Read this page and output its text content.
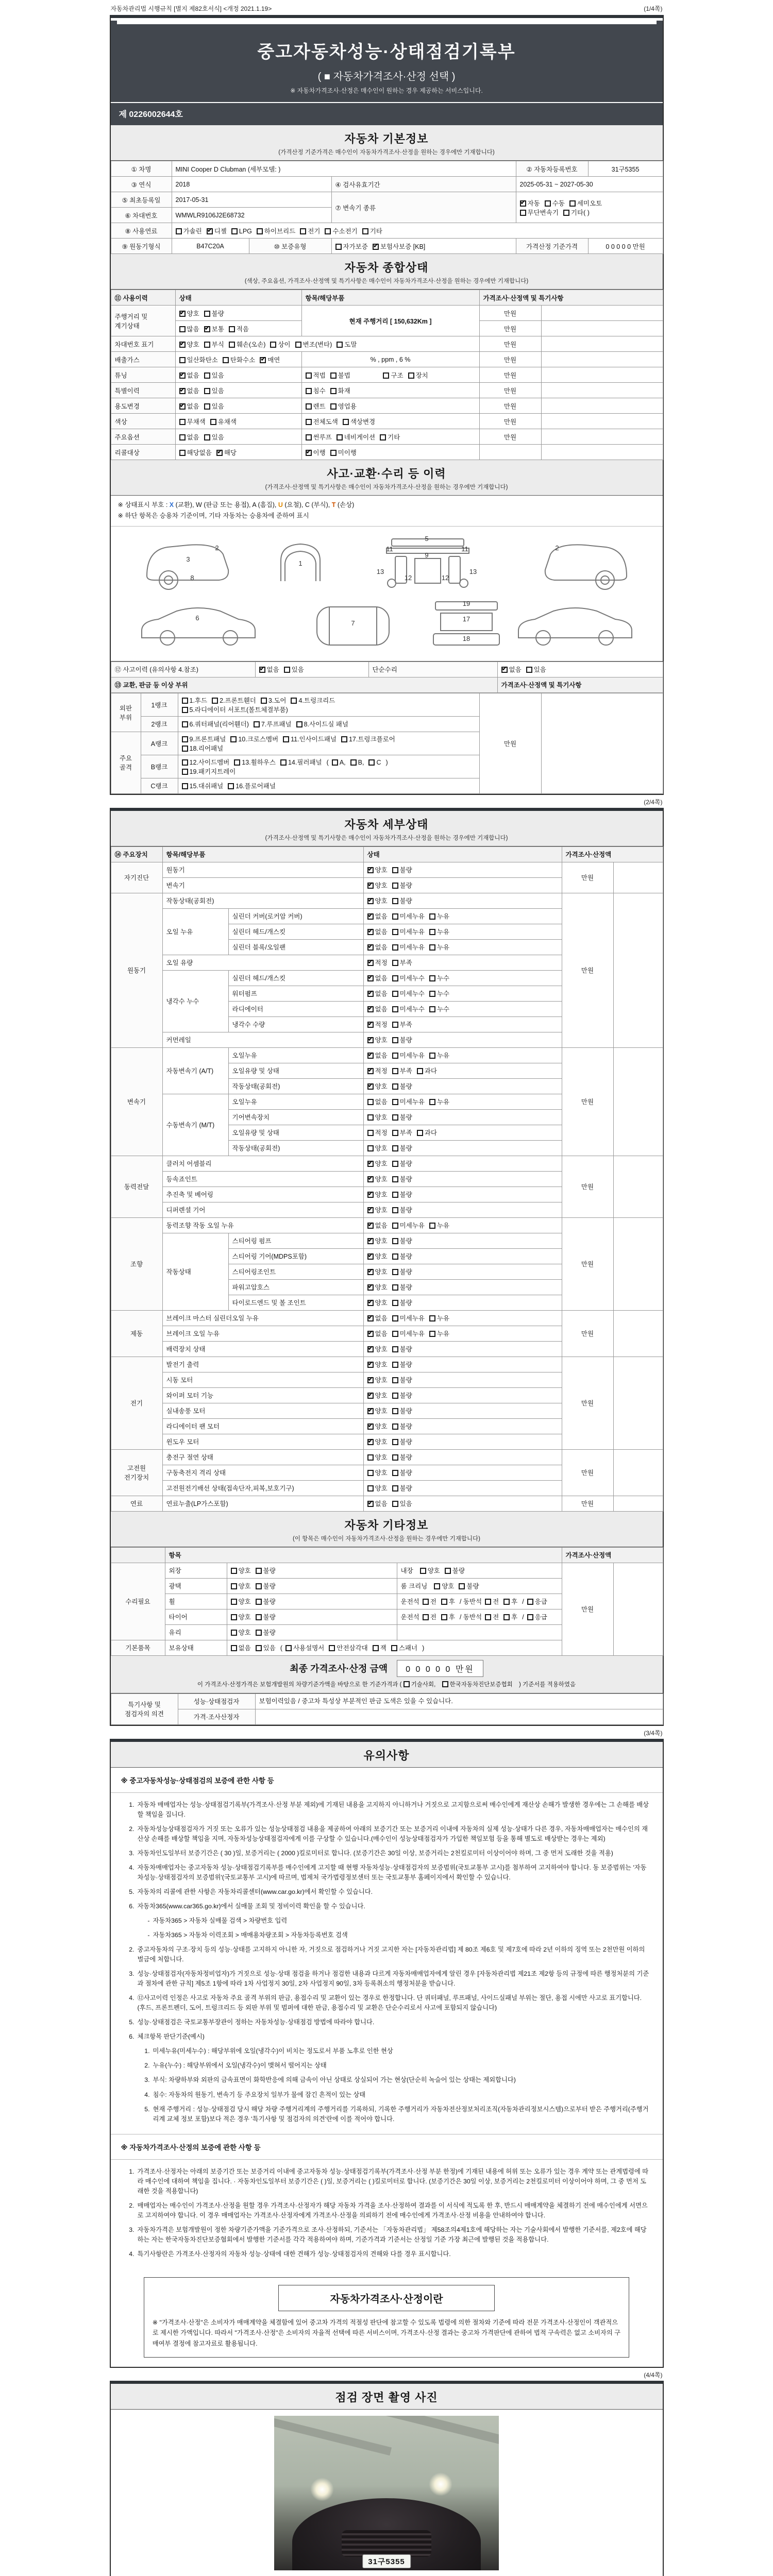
자동차관리법 시행규칙 [별지 제82호서식] <개정 2021.1.19>	(1/4쪽)
중고자동차성능·상태점검기록부
( ■ 자동차가격조사·산정 선택 )
※ 자동차가격조사·산정은 매수인이 원하는 경우 제공하는 서비스입니다.
제 0226002644호
자동차 기본정보
(가격산정 기준가격은 매수인이 자동차가격조사·산정을 원하는 경우에만 기재합니다)
① 차명	MINI Cooper D Clubman (세부모델: )			② 자동차등록번호	31구5355
③ 연식	2018		④ 검사유효기간	2025-05-31 ~ 2027-05-30	
⑤ 최초등록일	2017-05-31		⑦ 변속기 종류	✔자동 수동 세미오토
무단변속기 기타( )
⑥ 차대번호	WMWLR9106J2E68732				
⑧ 사용연료	가솔린 ✔ 디젤 LPG 하이브리드 전기 수소전기 기타
⑨ 원동기형식	B47C20A	⑩ 보증유형	자가보증 ✔ 보험사보증 [KB]	가격산정 기준가격	0 0 0 0 0 만원
자동차 종합상태
(색상, 주요옵션, 가격조사·산정액 및 특기사항은 매수인이 자동차가격조사·산정을 원하는 경우에만 기재합니다)
⑪ 사용이력	상태	항목/해당부품	가격조사·산정액 및 특기사항	
주행거리 및 계기상태	✔양호 불량	현재 주행거리 [ 150,632Km ]	만원	
	많음 ✔ 보통 적음		만원	
차대번호 표기	✔양호 부식 훼손(오손) 상이 변조(변타) 도말		만원	
배출가스	일산화탄소 탄화수소 ✔ 매연	% , ppm , 6 %	만원	
튜닝	✔없음 있음	적법 불법 구조 장치	만원	
특별이력	✔없음 있음	침수 화재	만원	
용도변경	✔없음 있음	렌트 영업용	만원	
색상	무채색 유채색	전체도색 색상변경	만원	
주요옵션	없음 있음	썬루프 네비게이션 기타	만원	
리콜대상	해당없음 ✔ 해당	✔이행 미이행		
사고·교환·수리 등 이력
(가격조사·산정액 및 특기사항은 매수인이 자동차가격조사·산정을 원하는 경우에만 기재합니다)
※ 상태표시 부호 : X (교환), W (판금 또는 용접), A (흠집), U (요철), C (부식), T (손상)
※ 하단 항목은 승용차 기준이며, 기타 자동차는 승용차에 준하여 표시
2
3
8
1
5
9
11	11
13	13
12	12
2
6
7
19
17
18
⑫ 사고이력 (유의사항 4.참조)	✔없음 있음	단순수리	✔없음 있음
⑬ 교환, 판금 등 이상 부위			가격조사·산정액 및 특기사항
외판 부위	1랭크	1.후드 2.프론트휀더 3.도어 4.트렁크리드
5.라디에이터 서포트(볼트체결부품)	만원	
	2랭크	6.쿼터패널(리어휀더) 7.루프패널 8.사이드실 패널		
주요 골격	A랭크	9.프론트패널 10.크로스멤버 11.인사이드패널 17.트렁크플로어
18.리어패널		
	B랭크	12.사이드멤버 13.휠하우스 14.필러패널 ( A, B, C )
19.패키지트레이		
	C랭크	15.대쉬패널 16.플로어패널		
(2/4쪽)
자동차 세부상태
(가격조사·산정액 및 특기사항은 매수인이 자동차가격조사·산정을 원하는 경우에만 기재합니다)
⑭ 주요장치	항목/해당부품		상태	가격조사·산정액	
자기진단	원동기	✔양호 불량	만원	
	변속기	✔양호 불량
원동기	작동상태(공회전)	✔양호 불량	만원	
	오일 누유	실린더 커버(로커암 커버)	✔없음 미세누유 누유
		실린더 헤드/개스킷	✔없음 미세누유 누유
		실린더 블록/오일팬	✔없음 미세누유 누유
	오일 유량	✔적정 부족
	냉각수 누수	실린더 헤드/개스킷	✔없음 미세누수 누수
		워터펌프	✔없음 미세누수 누수
		라디에이터	✔없음 미세누수 누수
		냉각수 수량	✔적정 부족
	커먼레일	✔양호 불량
변속기	자동변속기 (A/T)	오일누유	✔없음 미세누유 누유	만원	
		오일유량 및 상태	✔적정 부족 과다
		작동상태(공회전)	✔양호 불량
	수동변속기 (M/T)	오일누유	없음 미세누유 누유		
		기어변속장치	양호 불량		
		오일유량 및 상태	적정 부족 과다		
		작동상태(공회전)	양호 불량		
동력전달	클러치 어셈블리	✔양호 불량	만원	
	등속죠인트	✔양호 불량
	추진축 및 베어링	✔양호 불량
	디퍼렌셜 기어	✔양호 불량
조향	동력조향 작동 오일 누유	✔없음 미세누유 누유	만원	
	작동상태	스티어링 펌프	✔양호 불량
		스티어링 기어(MDPS포함)	✔양호 불량
		스티어링조인트	✔양호 불량
		파워고압호스	✔양호 불량
		타이로드엔드 및 볼 조인트	✔양호 불량
제동	브레이크 마스터 실린더오일 누유	✔없음 미세누유 누유	만원	
	브레이크 오일 누유	✔없음 미세누유 누유
	배력장치 상태	✔양호 불량
전기	발전기 출력	✔양호 불량	만원	
	시동 모터	✔양호 불량
	와이퍼 모터 기능	✔양호 불량
	실내송풍 모터	✔양호 불량
	라디에이터 팬 모터	✔양호 불량
	윈도우 모터	✔양호 불량
고전원 전기장치	충전구 절연 상태		양호 불량	만원	
	구동축전지 격리 상태		양호 불량		
	고전원전기배선 상태(접속단자,피복,보호기구)		양호 불량		
연료	연료누출(LP가스포함)	✔없음 있음	만원	
자동차 기타정보
(이 항목은 매수인이 자동차가격조사·산정을 원하는 경우에만 기재합니다)
	항목			가격조사·산정액	
수리필요	외장	양호 불량	내장  양호 불량	만원	
	광택	양호 불량	룸 크리닝  양호 불량		
	휠	양호 불량	운전석 전 후 / 동반석 전 후 / 응급		
	타이어	양호 불량	운전석 전 후 / 동반석 전 후 / 응급		
	유리	양호 불량			
기본품목	보유상태	없음 있음 ( 사용설명서 안전삼각대 잭 스패너 )			
최종 가격조사·산정 금액 0 0 0 0 0 만원
이 가격조사·산정가격은 보험개발원의 차량기준가액을 바탕으로 한 기준가격과 ( 기술사회, 한국자동차진단보증협회 ) 기준서를 적용하였음
특기사항 및 점검자의 의견	성능·상태점검자	보험이력있음 / 중고차 특성상 부분적인 판금 도색은 있을 수 있습니다.
	가격·조사산정자	
(3/4쪽)
유의사항
※ 중고자동차성능·상태점검의 보증에 관한 사항 등
1. 자동차 매매업자는 성능·상태점검기록부(가격조사·산정 부분 제외)에 기재된 내용을 고지하지 아니하거나 거짓으로 고지함으로써 매수인에게 재산상 손해가 발생한 경우에는 그 손해를 배상할 책임을 집니다.
2. 자동차성능상태점검자가 거짓 또는 오류가 있는 성능상태점검 내용을 제공하여 아래의 보증기간 또는 보증거리 이내에 자동차의 실제 성능·상태가 다른 경우, 자동차매매업자는 매수인의 재산상 손해를 배상할 책임을 지며, 자동차성능상태점검자에게 이를 구상할 수 있습니다.(매수인이 성능상태점검자가 가입한 책임보험 등을 통해 별도로 배상받는 경우는 제외)
3. 자동차인도일부터 보증기간은 ( 30 )일, 보증거리는 ( 2000 )킬로미터로 합니다. (보증기간은 30일 이상, 보증거리는 2천킬로미터 이상이어야 하며, 그 중 먼저 도래한 것을 적용)
4. 자동차매매업자는 중고자동차 성능·상태점검기록부를 매수인에게 고지할 때 현행 자동차성능·상태점검자의 보증범위(국토교통부 고시)를 첨부하여 고지하여야 합니다. 동 보증범위는 '자동차성능·상태점검자의 보증범위'(국토교통부 고시)에 따르며, 법제처 국가법령정보센터 또는 국토교통부 홈페이지에서 확인할 수 있습니다.
5. 자동차의 리콜에 관한 사항은 자동차리콜센터(www.car.go.kr)에서 확인할 수 있습니다.
6. 자동차365(www.car365.go.kr)에서 실매물 조회 및 정비이력 확인을 할 수 있습니다.
- 자동차365 > 자동차 실매물 검색 > 차량번호 입력
- 자동차365 > 자동차 이력조회 > 매매용차량조회 > 자동차등록번호 검색
2. 중고자동차의 구조·장치 등의 성능·상태를 고지하지 아니한 자, 거짓으로 점검하거나 거짓 고지한 자는 [자동차관리법] 제 80조 제6호 및 제7호에 따라 2년 이하의 징역 또는 2천만원 이하의 벌금에 처합니다.
3. 성능·상태점검자(자동차정비업자)가 거짓으로 성능·상태 점검을 하거나 점검한 내용과 다르게 자동차매매업자에게 알린 경우 [자동차관리법 제21조 제2항 등의 규정에 따른 행정처분의 기준과 절차에 관한 규칙] 제5조 1항에 따라 1차 사업정지 30일, 2차 사업정지 90일, 3차 등록취소의 행정처분을 받습니다.
4. ⑫사고이력 인정은 사고로 자동차 주요 골격 부위의 판금, 용접수리 및 교환이 있는 경우로 한정합니다. 단 쿼터패널, 루프패널, 사이드실패널 부위는 절단, 용접 시에만 사고로 표기합니다. (후드, 프론트펜더, 도어, 트렁크리드 등 외판 부위 및 범퍼에 대한 판금, 용접수리 및 교환은 단순수리로서 사고에 포함되지 않습니다)
5. 성능·상태점검은 국토교통부장관이 정하는 자동차성능·상태점검 방법에 따라야 합니다.
6. 체크항목 판단기준(예시)
1. 미세누유(미세누수) : 해당부위에 오일(냉각수)이 비치는 정도로서 부품 노후로 인한 현상
2. 누유(누수) : 해당부위에서 오일(냉각수)이 맺혀서 떨어지는 상태
3. 부식: 차량하부와 외판의 금속표면이 화학반응에 의해 금속이 아닌 상태로 상실되어 가는 현상(단순히 녹슬어 있는 상태는 제외합니다)
4. 침수: 자동차의 원동기, 변속기 등 주요장치 일부가 물에 잠긴 흔적이 있는 상태
5. 현재 주행거리 : 성능·상태점검 당시 해당 차량 주행거리계의 주행거리를 기록하되, 기록한 주행거리가 자동차전산정보처리조직(자동차관리정보시스템)으로부터 받은 주행거리(주행거리계 교체 정보 포함)보다 적은 경우 '특기사항 및 점검자의 의견'란에 이를 적어야 합니다.
※ 자동차가격조사·산정의 보증에 관한 사항 등
1. 가격조사·산정자는 아래의 보증기간 또는 보증거리 이내에 중고자동차 성능·상태점검기록부(가격조사·산정 부분 한정)에 기재된 내용에 허위 또는 오류가 있는 경우 계약 또는 관계법령에 따라 매수인에 대하여 책임을 집니다. · 자동차인도일부터 보증기간은 ( )일, 보증거리는 ( )킬로미터로 합니다. (보증기간은 30일 이상, 보증거리는 2천킬로미터 이상이어야 하며, 그 중 먼저 도래한 것을 적용합니다)
2. 매매업자는 매수인이 가격조사·산정을 원할 경우 가격조사·산정자가 해당 자동차 가격을 조사·산정하여 결과를 이 서식에 적도록 한 후, 반드시 매매계약을 체결하기 전에 매수인에게 서면으로 고지하여야 합니다. 이 경우 매매업자는 가격조사·산정자에게 가격조사·산정을 의뢰하기 전에 매수인에게 가격조사·산정 비용을 안내하여야 합니다.
3. 자동차가격은 보험개발원이 정한 차량기준가액을 기준가격으로 조사·산정하되, 기준서는 「자동차관리법」 제58조의4제1호에 해당하는 자는 기술사회에서 발행한 기준서를, 제2호에 해당하는 자는 한국자동차진단보증협회에서 발행한 기준서를 각각 적용하여야 하며, 기준가격과 기준서는 산정일 기준 가장 최근에 발행된 것을 적용합니다.
4. 특기사항란은 가격조사·산정자의 자동차 성능·상태에 대한 견해가 성능·상태점검자의 견해와 다를 경우 표시합니다.
자동차가격조사·산정이란
※ "가격조사·산정"은 소비자가 매매계약을 체결함에 있어 중고차 가격의 적절성 판단에 참고할 수 있도록 법령에 의한 절차와 기준에 따라 전문 가격조사·산정인이 객관적으로 제시한 가액입니다. 따라서 "가격조사·산정"은 소비자의 자율적 선택에 따른 서비스이며, 가격조사·산정 결과는 중고차 가격판단에 관하여 법적 구속력은 없고 소비자의 구매여부 결정에 참고자료로 활용됩니다.
(4/4쪽)
점검 장면 촬영 사진
31구5355
